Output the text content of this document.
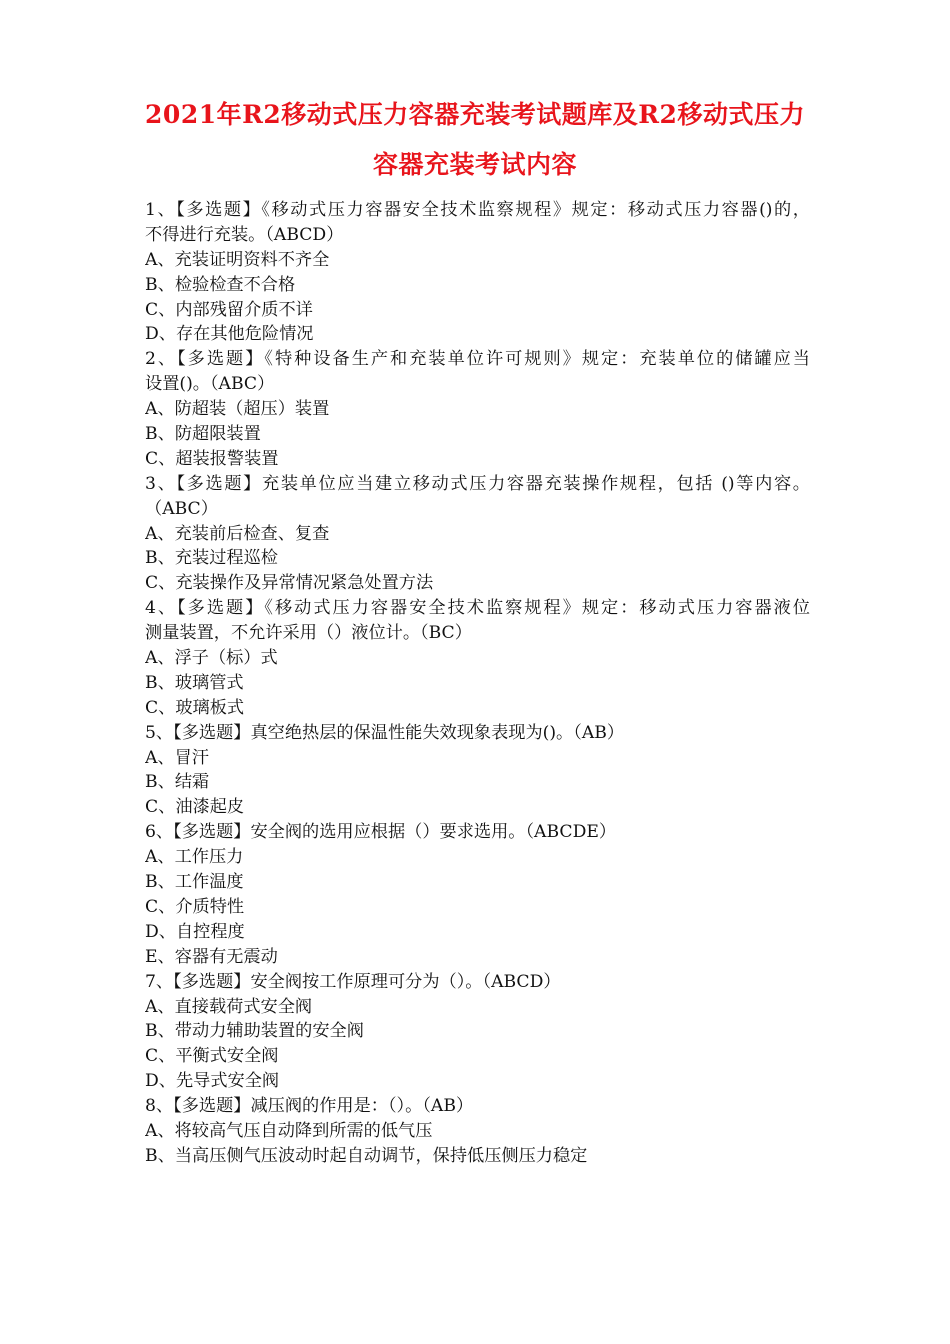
2021年R2移动式压力容器充装考试题库及R2移动式压力
容器充装考试内容
1、【多选题】《移动式压力容器安全技术监察规程》规定：移动式压力容器()的，
不得进行充装。（ABCD）
A、充装证明资料不齐全
B、检验检查不合格
C、内部残留介质不详
D、存在其他危险情况
2、【多选题】《特种设备生产和充装单位许可规则》规定：充装单位的储罐应当
设置()。（ABC）
A、防超装（超压）装置
B、防超限装置
C、超装报警装置
3、【多选题】充装单位应当建立移动式压力容器充装操作规程，包括 ()等内容。
（ABC）
A、充装前后检查、复查
B、充装过程巡检
C、充装操作及异常情况紧急处置方法
4、【多选题】《移动式压力容器安全技术监察规程》规定：移动式压力容器液位
测量装置，不允许采用（）液位计。（BC）
A、浮子（标）式
B、玻璃管式
C、玻璃板式
5、【多选题】真空绝热层的保温性能失效现象表现为()。（AB）
A、冒汗
B、结霜
C、油漆起皮
6、【多选题】安全阀的选用应根据（）要求选用。（ABCDE）
A、工作压力
B、工作温度
C、介质特性
D、自控程度
E、容器有无震动
7、【多选题】安全阀按工作原理可分为（）。（ABCD）
A、直接载荷式安全阀
B、带动力辅助装置的安全阀
C、平衡式安全阀
D、先导式安全阀
8、【多选题】减压阀的作用是：（）。（AB）
A、将较高气压自动降到所需的低气压
B、当高压侧气压波动时起自动调节，保持低压侧压力稳定
